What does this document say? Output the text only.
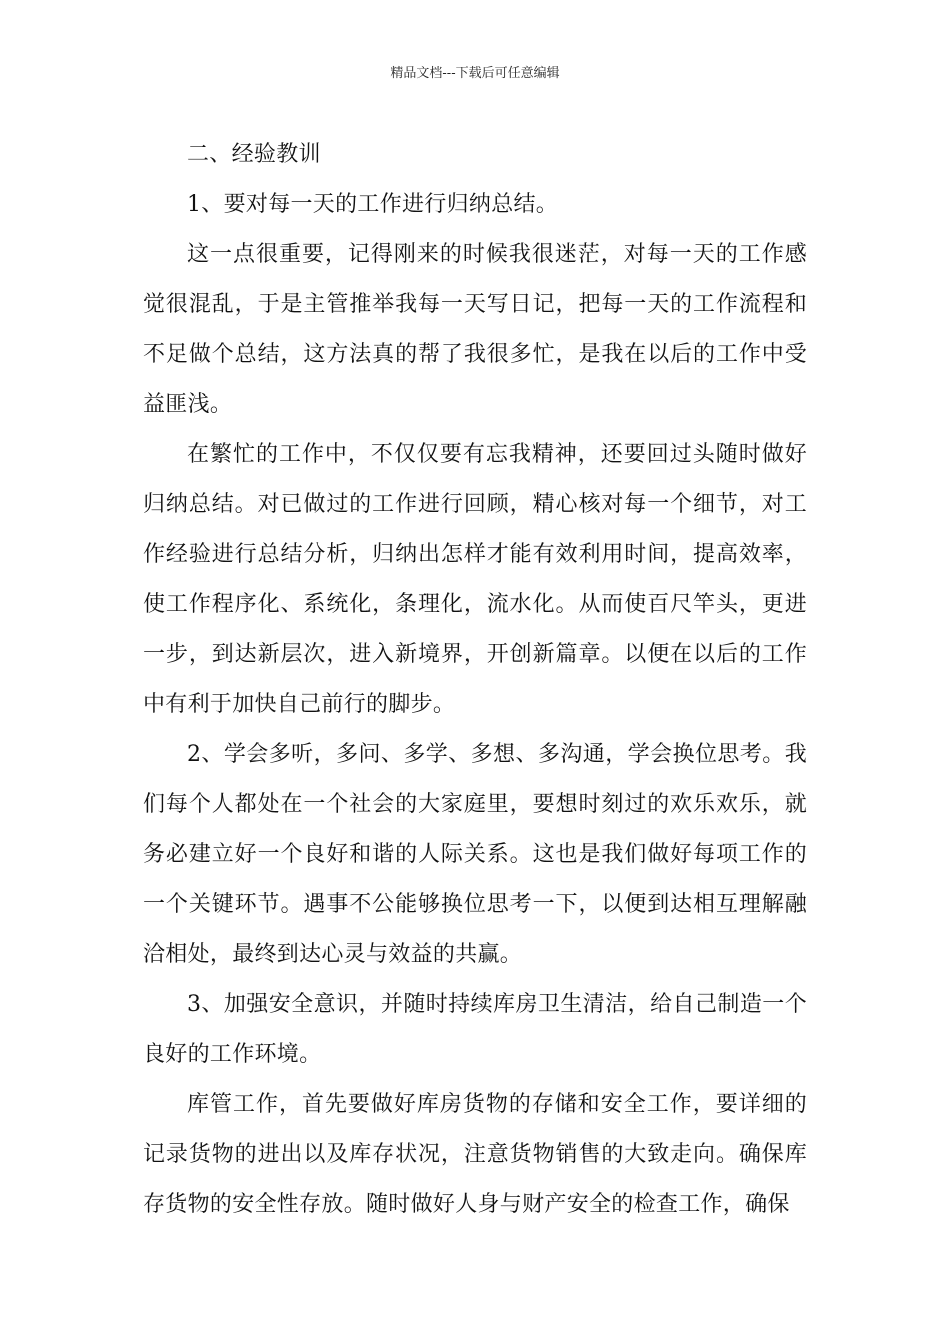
精品文档---下载后可任意编辑

二、经验教训

1、要对每一天的工作进行归纳总结。

这一点很重要，记得刚来的时候我很迷茫，对每一天的工作感觉很混乱，于是主管推举我每一天写日记，把每一天的工作流程和不足做个总结，这方法真的帮了我很多忙，是我在以后的工作中受益匪浅。

在繁忙的工作中，不仅仅要有忘我精神，还要回过头随时做好归纳总结。对已做过的工作进行回顾，精心核对每一个细节，对工作经验进行总结分析，归纳出怎样才能有效利用时间，提高效率，使工作程序化、系统化，条理化，流水化。从而使百尺竿头，更进一步，到达新层次，进入新境界，开创新篇章。以便在以后的工作中有利于加快自己前行的脚步。

2、学会多听，多问、多学、多想、多沟通，学会换位思考。我们每个人都处在一个社会的大家庭里，要想时刻过的欢乐欢乐，就务必建立好一个良好和谐的人际关系。这也是我们做好每项工作的一个关键环节。遇事不公能够换位思考一下，以便到达相互理解融洽相处，最终到达心灵与效益的共赢。

3、加强安全意识，并随时持续库房卫生清洁，给自己制造一个良好的工作环境。

库管工作，首先要做好库房货物的存储和安全工作，要详细的记录货物的进出以及库存状况，注意货物销售的大致走向。确保库存货物的安全性存放。随时做好人身与财产安全的检查工作，确保
